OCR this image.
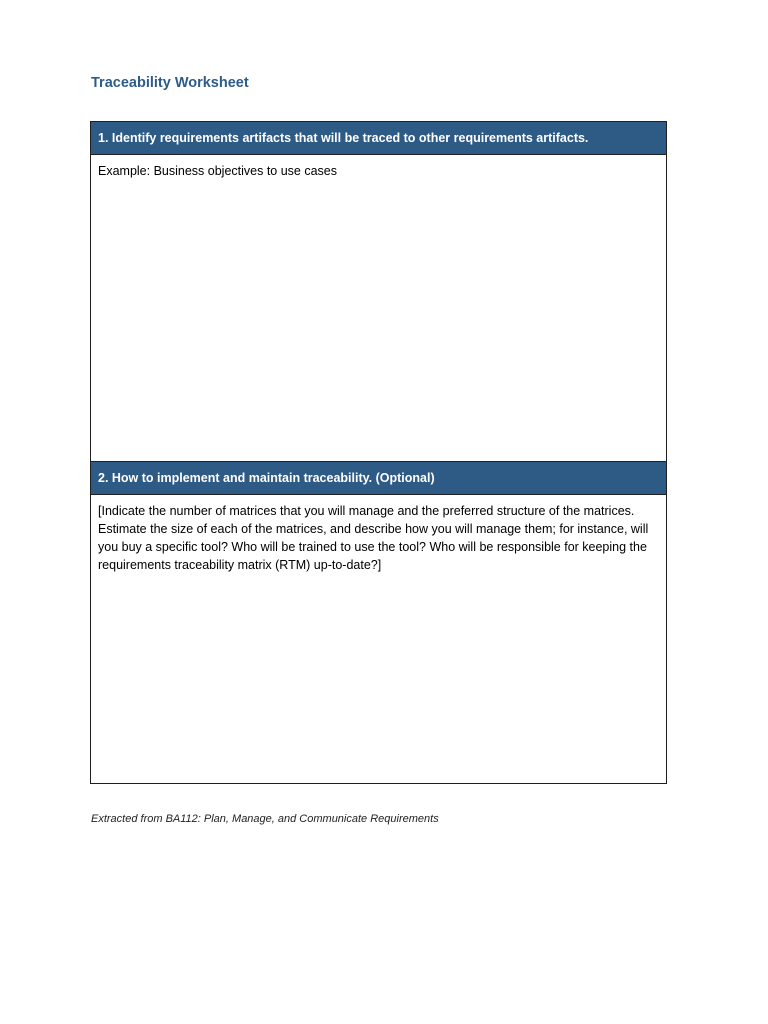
Traceability Worksheet
1. Identify requirements artifacts that will be traced to other requirements artifacts.
Example: Business objectives to use cases
2. How to implement and maintain traceability. (Optional)
[Indicate the number of matrices that you will manage and the preferred structure of the matrices.
Estimate the size of each of the matrices, and describe how you will manage them; for instance, will
you buy a specific tool? Who will be trained to use the tool? Who will be responsible for keeping the
requirements traceability matrix (RTM) up-to-date?]

Extracted from BA112: Plan, Manage, and Communicate Requirements
